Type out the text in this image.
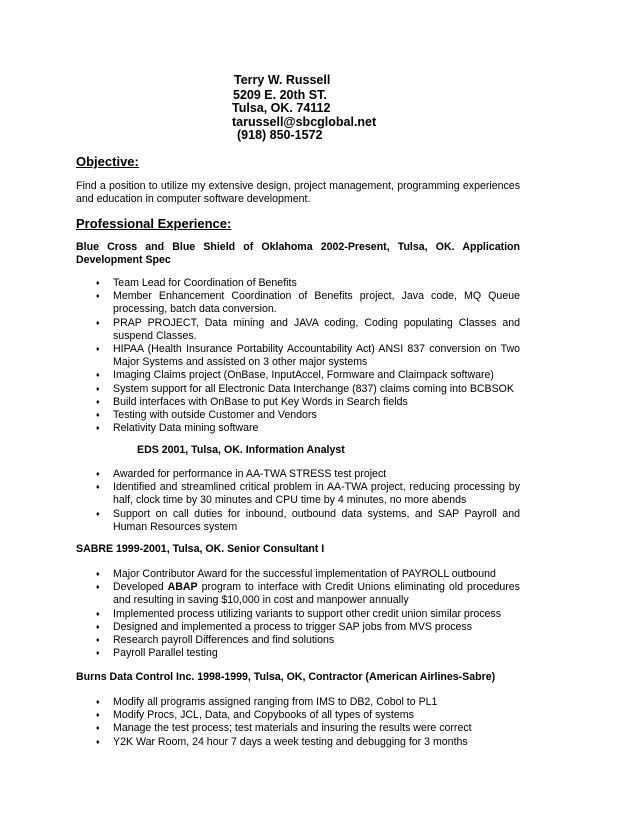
Terry W. Russell
5209 E. 20th ST.
Tulsa, OK. 74112
tarussell@sbcglobal.net
(918) 850-1572
Objective:

Find a position to utilize my extensive design, project management, programming experiences and education in computer software development.

Professional Experience:

Blue Cross and Blue Shield of Oklahoma 2002-Present, Tulsa, OK. Application Development Spec

♦ Team Lead for Coordination of Benefits
♦ Member Enhancement Coordination of Benefits project, Java code, MQ Queue processing, batch data conversion.
♦ PRAP PROJECT, Data mining and JAVA coding, Coding populating Classes and suspend Classes.
♦ HIPAA (Health Insurance Portability Accountability Act) ANSI 837 conversion on Two Major Systems and assisted on 3 other major systems
♦ Imaging Claims project (OnBase, InputAccel, Formware and Claimpack software)
♦ System support for all Electronic Data Interchange (837) claims coming into BCBSOK
♦ Build interfaces with OnBase to put Key Words in Search fields
♦ Testing with outside Customer and Vendors
♦ Relativity Data mining software

EDS 2001, Tulsa, OK. Information Analyst

♦ Awarded for performance in AA-TWA STRESS test project
♦ Identified and streamlined critical problem in AA-TWA project, reducing processing by half, clock time by 30 minutes and CPU time by 4 minutes, no more abends
♦ Support on call duties for inbound, outbound data systems, and SAP Payroll and Human Resources system

SABRE 1999-2001, Tulsa, OK. Senior Consultant I

♦ Major Contributor Award for the successful implementation of PAYROLL outbound
♦ Developed ABAP program to interface with Credit Unions eliminating old procedures and resulting in saving $10,000 in cost and manpower annually
♦ Implemented process utilizing variants to support other credit union similar process
♦ Designed and implemented a process to trigger SAP jobs from MVS process
♦ Research payroll Differences and find solutions
♦ Payroll Parallel testing

Burns Data Control Inc. 1998-1999, Tulsa, OK, Contractor (American Airlines-Sabre)

♦ Modify all programs assigned ranging from IMS to DB2, Cobol to PL1
♦ Modify Procs, JCL, Data, and Copybooks of all types of systems
♦ Manage the test process; test materials and insuring the results were correct
♦ Y2K War Room, 24 hour 7 days a week testing and debugging for 3 months
